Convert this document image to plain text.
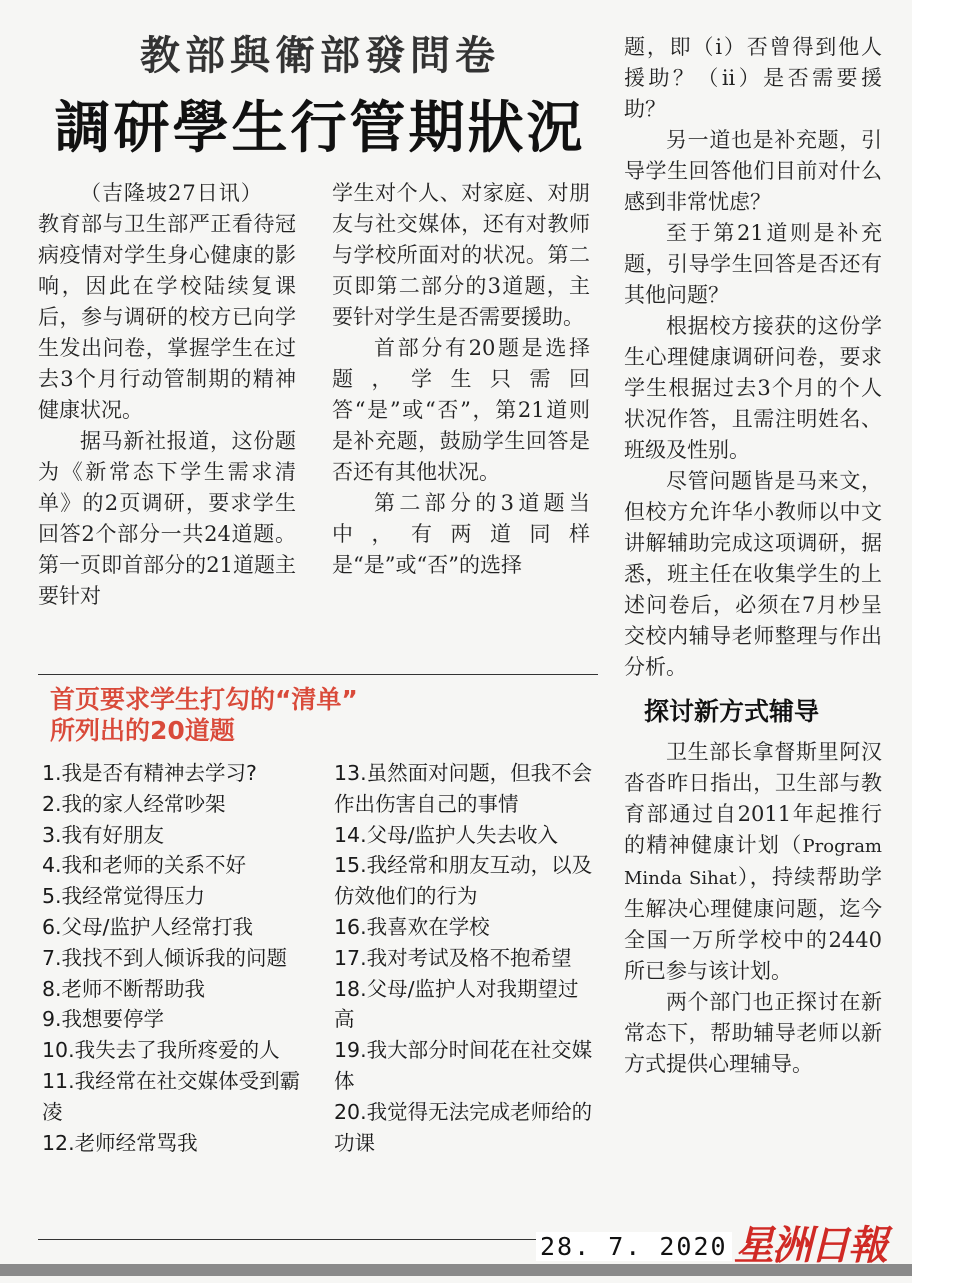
教部與衛部發問卷
調研學生行管期狀況

（吉隆坡27日讯）

教育部与卫生部严正看待冠病疫情对学生身心健康的影响，因此在学校陆续复课后，参与调研的校方已向学生发出问卷，掌握学生在过去3个月行动管制期的精神健康状况。

据马新社报道，这份题为《新常态下学生需求清单》的2页调研，要求学生回答2个部分一共24道题。第一页即首部分的21道题主要针对

学生对个人、对家庭、对朋友与社交媒体，还有对教师与学校所面对的状况。第二页即第二部分的3道题，主要针对学生是否需要援助。

首部分有20题是选择题，学生只需回答“是”或“否”，第21道则是补充题，鼓励学生回答是否还有其他状况。

第二部分的3道题当中，有两道同样是“是”或“否”的选择

题，即（i）否曾得到他人援助？（ii）是否需要援助？

另一道也是补充题，引导学生回答他们目前对什么感到非常忧虑？

至于第21道则是补充题，引导学生回答是否还有其他问题？

根据校方接获的这份学生心理健康调研问卷，要求学生根据过去3个月的个人状况作答，且需注明姓名、班级及性别。

尽管问题皆是马来文，但校方允许华小教师以中文讲解辅助完成这项调研，据悉，班主任在收集学生的上述问卷后，必须在7月杪呈交校内辅导老师整理与作出分析。

探讨新方式辅导

卫生部长拿督斯里阿汉沓沓昨日指出，卫生部与教育部通过自2011年起推行的精神健康计划（Program Minda Sihat），持续帮助学生解决心理健康问题，迄今全国一万所学校中的2440所已参与该计划。

两个部门也正探讨在新常态下，帮助辅导老师以新方式提供心理辅导。

首页要求学生打勾的“清单”
所列出的20道题
1.我是否有精神去学习?
2.我的家人经常吵架
3.我有好朋友
4.我和老师的关系不好
5.我经常觉得压力
6.父母/监护人经常打我
7.我找不到人倾诉我的问题
8.老师不断帮助我
9.我想要停学
10.我失去了我所疼爱的人
11.我经常在社交媒体受到霸凌
12.老师经常骂我
13.虽然面对问题，但我不会作出伤害自己的事情
14.父母/监护人失去收入
15.我经常和朋友互动，以及仿效他们的行为
16.我喜欢在学校
17.我对考试及格不抱希望
18.父母/监护人对我期望过高
19.我大部分时间花在社交媒体
20.我觉得无法完成老师给的功课
28. 7. 2020 星洲日報
